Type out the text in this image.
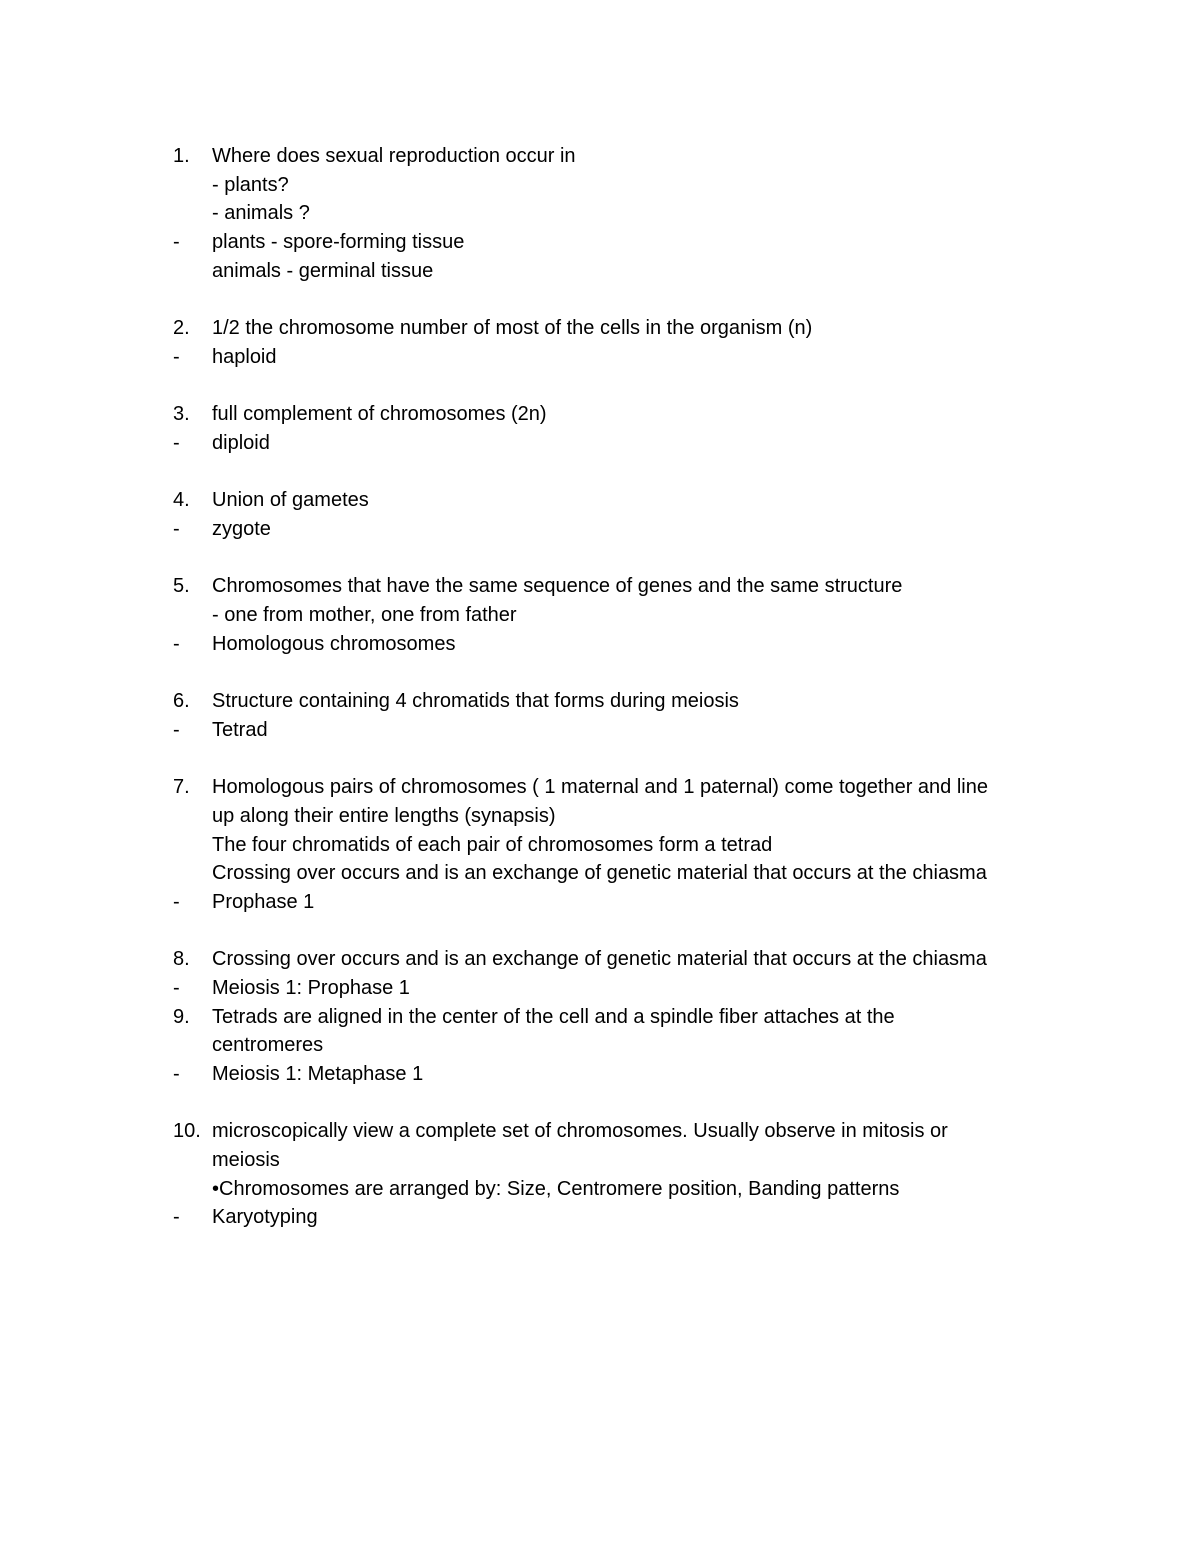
1. Where does sexual reproduction occur in
- plants?
- animals ?
- plants - spore-forming tissue
animals - germinal tissue
2. 1/2 the chromosome number of most of the cells in the organism (n)
- haploid
3. full complement of chromosomes (2n)
- diploid
4. Union of gametes
- zygote
5. Chromosomes that have the same sequence of genes and the same structure
- one from mother, one from father
- Homologous chromosomes
6. Structure containing 4 chromatids that forms during meiosis
- Tetrad
7. Homologous pairs of chromosomes ( 1 maternal and 1 paternal) come together and line
up along their entire lengths (synapsis)
The four chromatids of each pair of chromosomes form a tetrad
Crossing over occurs and is an exchange of genetic material that occurs at the chiasma
- Prophase 1
8. Crossing over occurs and is an exchange of genetic material that occurs at the chiasma
- Meiosis 1: Prophase 1
9. Tetrads are aligned in the center of the cell and a spindle fiber attaches at the
centromeres
- Meiosis 1: Metaphase 1
10. microscopically view a complete set of chromosomes. Usually observe in mitosis or
meiosis
•Chromosomes are arranged by: Size, Centromere position, Banding patterns
- Karyotyping
